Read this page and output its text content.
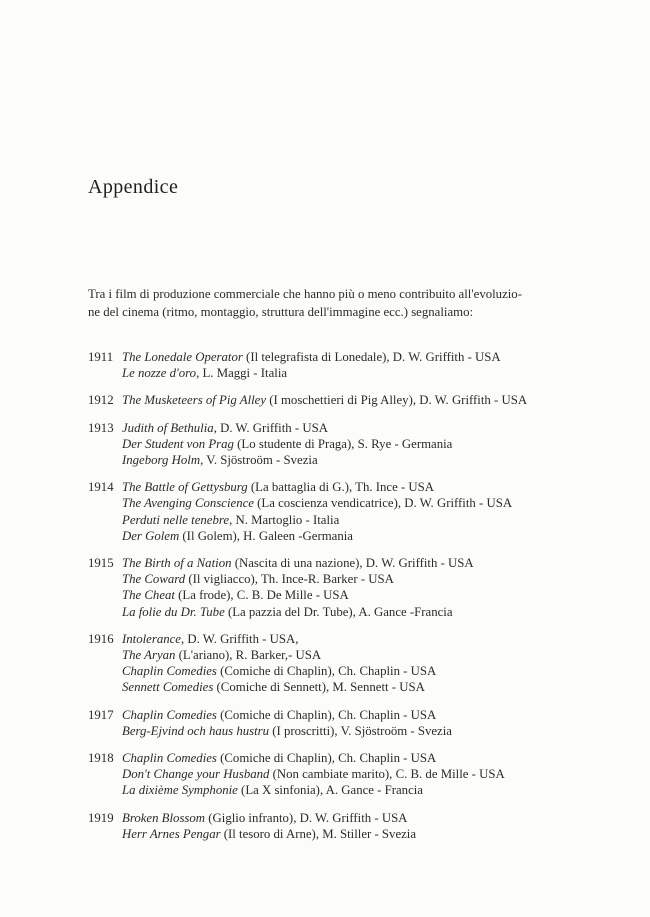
Appendice
Tra i film di produzione commerciale che hanno più o meno contribuito all'evoluzio-
ne del cinema (ritmo, montaggio, struttura dell'immagine ecc.) segnaliamo:
1911 The Lonedale Operator (Il telegrafista di Lonedale), D. W. Griffith - USA
Le nozze d'oro, L. Maggi - Italia
1912 The Musketeers of Pig Alley (I moschettieri di Pig Alley), D. W. Griffith - USA
1913 Judith of Bethulia, D. W. Griffith - USA
Der Student von Prag (Lo studente di Praga), S. Rye - Germania
Ingeborg Holm, V. Sjöstroöm - Svezia
1914 The Battle of Gettysburg (La battaglia di G.), Th. Ince - USA
The Avenging Conscience (La coscienza vendicatrice), D. W. Griffith - USA
Perduti nelle tenebre, N. Martoglio - Italia
Der Golem (Il Golem), H. Galeen -Germania
1915 The Birth of a Nation (Nascita di una nazione), D. W. Griffith - USA
The Coward (Il vigliacco), Th. Ince-R. Barker - USA
The Cheat (La frode), C. B. De Mille - USA
La folie du Dr. Tube (La pazzia del Dr. Tube), A. Gance -Francia
1916 Intolerance, D. W. Griffith - USA,
The Aryan (L'ariano), R. Barker,- USA
Chaplin Comedies (Comiche di Chaplin), Ch. Chaplin - USA
Sennett Comedies (Comiche di Sennett), M. Sennett - USA
1917 Chaplin Comedies (Comiche di Chaplin), Ch. Chaplin - USA
Berg-Ejvind och haus hustru (I proscritti), V. Sjöstroöm - Svezia
1918 Chaplin Comedies (Comiche di Chaplin), Ch. Chaplin - USA
Don't Change your Husband (Non cambiate marito), C. B. de Mille - USA
La dixième Symphonie (La X sinfonia), A. Gance - Francia
1919 Broken Blossom (Giglio infranto), D. W. Griffith - USA
Herr Arnes Pengar (Il tesoro di Arne), M. Stiller - Svezia
